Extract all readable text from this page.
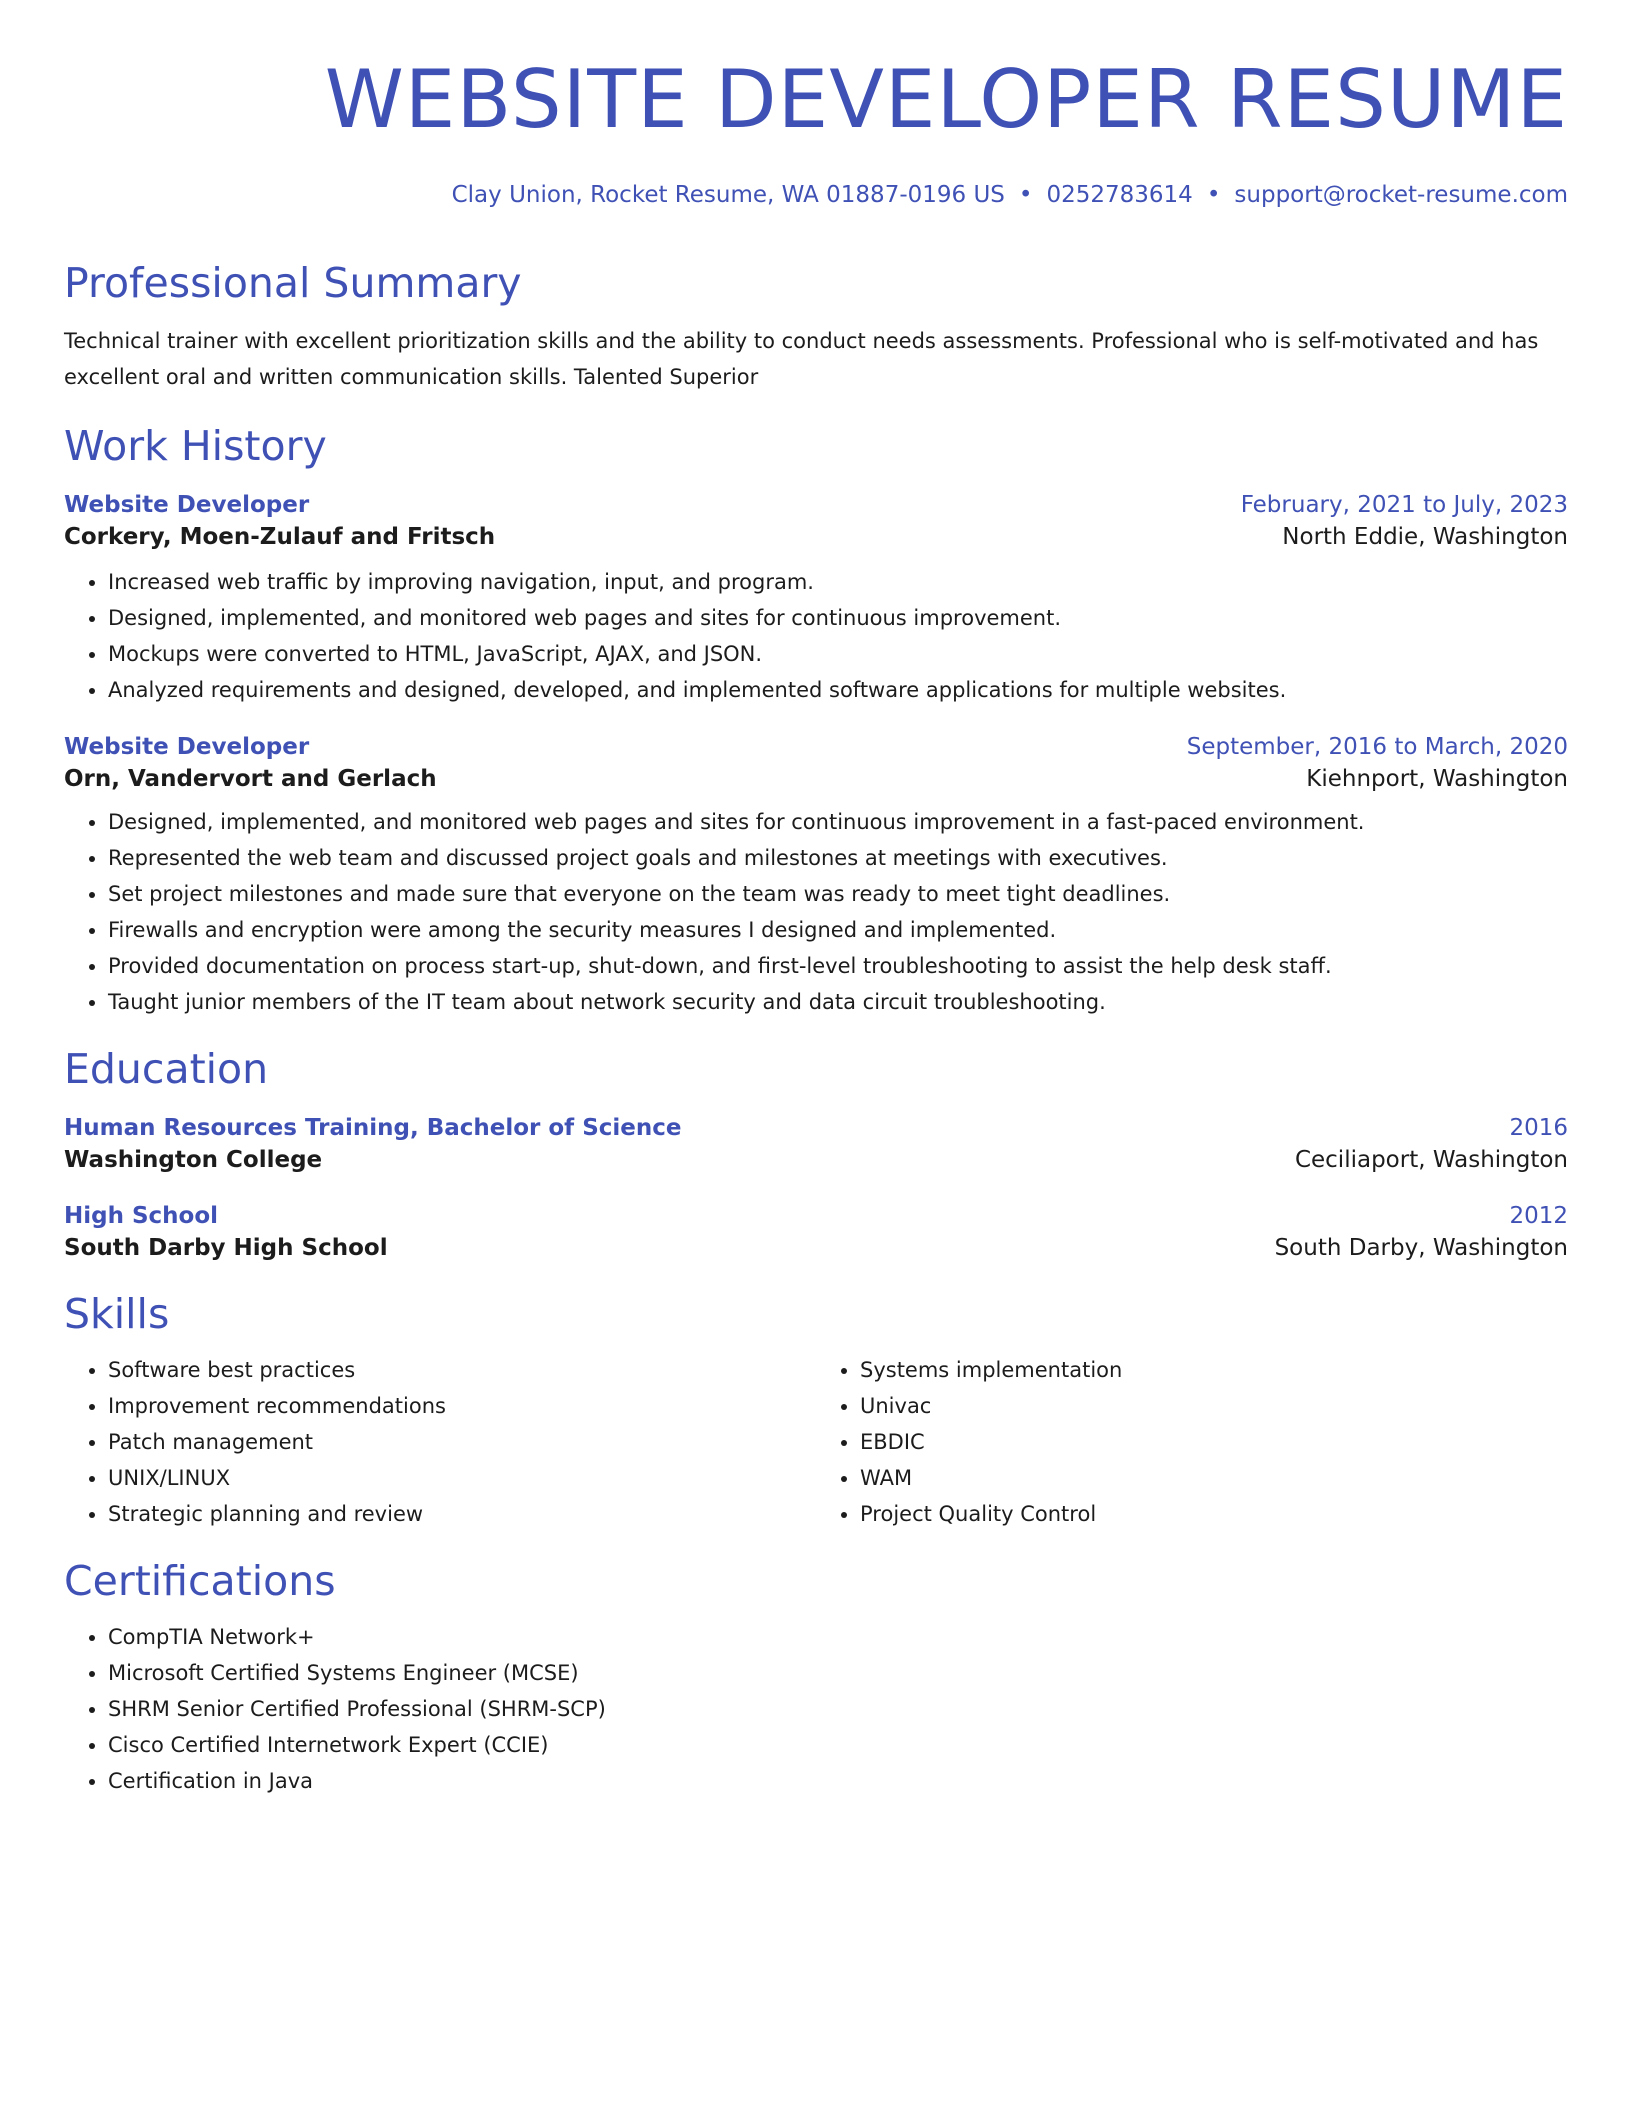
WEBSITE DEVELOPER RESUME
Clay Union, Rocket Resume, WA 01887-0196 US • 0252783614 • support@rocket-resume.com
Professional Summary

Technical trainer with excellent prioritization skills and the ability to conduct needs assessments. Professional who is self-motivated and has excellent oral and written communication skills. Talented Superior

Work History
Website Developer	February, 2021 to July, 2023
Corkery, Moen-Zulauf and Fritsch	North Eddie, Washington
• Increased web traffic by improving navigation, input, and program.
• Designed, implemented, and monitored web pages and sites for continuous improvement.
• Mockups were converted to HTML, JavaScript, AJAX, and JSON.
• Analyzed requirements and designed, developed, and implemented software applications for multiple websites.
Website Developer	September, 2016 to March, 2020
Orn, Vandervort and Gerlach	Kiehnport, Washington
• Designed, implemented, and monitored web pages and sites for continuous improvement in a fast-paced environment.
• Represented the web team and discussed project goals and milestones at meetings with executives.
• Set project milestones and made sure that everyone on the team was ready to meet tight deadlines.
• Firewalls and encryption were among the security measures I designed and implemented.
• Provided documentation on process start-up, shut-down, and first-level troubleshooting to assist the help desk staff.
• Taught junior members of the IT team about network security and data circuit troubleshooting.
Education
Human Resources Training, Bachelor of Science	2016
Washington College	Ceciliaport, Washington
High School	2012
South Darby High School	South Darby, Washington
Skills
• Software best practices
• Improvement recommendations
• Patch management
• UNIX/LINUX
• Strategic planning and review
• Systems implementation
• Univac
• EBDIC
• WAM
• Project Quality Control
Certifications
• CompTIA Network+
• Microsoft Certified Systems Engineer (MCSE)
• SHRM Senior Certified Professional (SHRM-SCP)
• Cisco Certified Internetwork Expert (CCIE)
• Certification in Java
